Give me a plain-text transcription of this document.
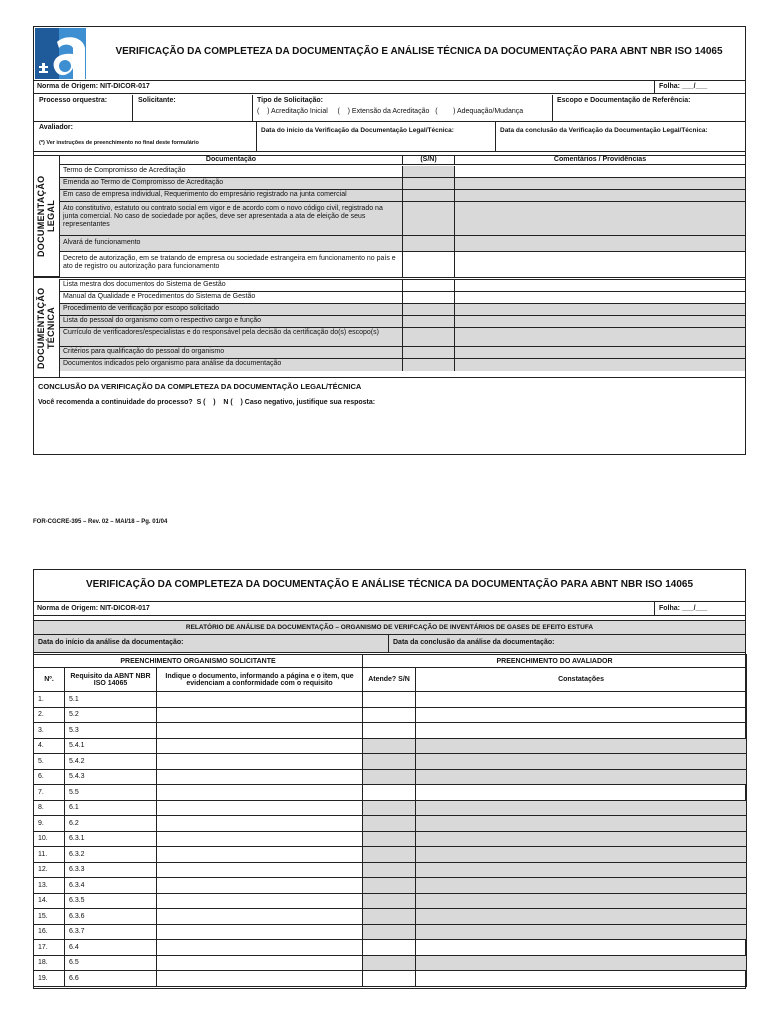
VERIFICAÇÃO DA COMPLETEZA DA DOCUMENTAÇÃO E ANÁLISE TÉCNICA DA DOCUMENTAÇÃO PARA ABNT NBR ISO 14065
Norma de Origem: NIT-DICOR-017	Folha: ___/___
Processo orquestra:	Solicitante:	Tipo de Solicitação:
(    ) Acreditação Inicial     (    ) Extensão da Acreditação   (        ) Adequação/Mudança
Escopo e Documentação de Referência:
Avaliador:
(*) Ver instruções de preenchimento no final deste formulário
Data do início da Verificação da Documentação Legal/Técnica:	Data da conclusão da Verificação da Documentação Legal/Técnica:
Documentação	(S/N)	Comentários / Providências
DOCUMENTAÇÃO LEGAL
DOCUMENTAÇÃO TÉCNICA
Termo de Compromisso de Acreditação
Emenda ao Termo de Compromisso de Acreditação
Em caso de empresa individual, Requerimento do empresário registrado na junta comercial
Ato constitutivo, estatuto ou contrato social em vigor e de acordo com o novo código civil, registrado na junta comercial. No caso de sociedade por ações, deve ser apresentada a ata de eleição de seus representantes
Alvará de funcionamento
Decreto de autorização, em se tratando de empresa ou sociedade estrangeira em funcionamento no país e ato de registro ou autorização para funcionamento
Lista mestra dos documentos do Sistema de Gestão
Manual da Qualidade e Procedimentos do Sistema de Gestão
Procedimento de verificação por escopo solicitado
Lista do pessoal do organismo com o respectivo cargo e função
Currículo de verificadores/especialistas e do responsável pela decisão da certificação do(s) escopo(s)
Critérios para qualificação do pessoal do organismo
Documentos indicados pelo organismo para análise da documentação
CONCLUSÃO DA VERIFICAÇÃO DA COMPLETEZA DA DOCUMENTAÇÃO LEGAL/TÉCNICA
Você recomenda a continuidade do processo?  S (    )    N (    ) Caso negativo, justifique sua resposta:
FOR-CGCRE-395 – Rev. 02 – MAI/18 – Pg. 01/04
VERIFICAÇÃO DA COMPLETEZA DA DOCUMENTAÇÃO E ANÁLISE TÉCNICA DA DOCUMENTAÇÃO PARA ABNT NBR ISO 14065
Norma de Origem: NIT-DICOR-017	Folha: ___/___
RELATÓRIO DE ANÁLISE DA DOCUMENTAÇÃO – ORGANISMO DE VERIFCAÇÃO DE INVENTÁRIOS DE GASES DE EFEITO ESTUFA
Data do início da análise da documentação:	Data da conclusão da análise da documentação:
PREENCHIMENTO ORGANISMO SOLICITANTE			PREENCHIMENTO DO AVALIADOR	
Nº.	Requisito da ABNT NBR ISO 14065	Indique o documento, informando a página e o item, que evidenciam a conformidade com o requisito	Atende? S/N	Constatações
1.	5.1			
2.	5.2			
3.	5.3			
4.	5.4.1			
5.	5.4.2			
6.	5.4.3			
7.	5.5			
8.	6.1			
9.	6.2			
10.	6.3.1			
11.	6.3.2			
12.	6.3.3			
13.	6.3.4			
14.	6.3.5			
15.	6.3.6			
16.	6.3.7			
17.	6.4			
18.	6.5			
19.	6.6			
